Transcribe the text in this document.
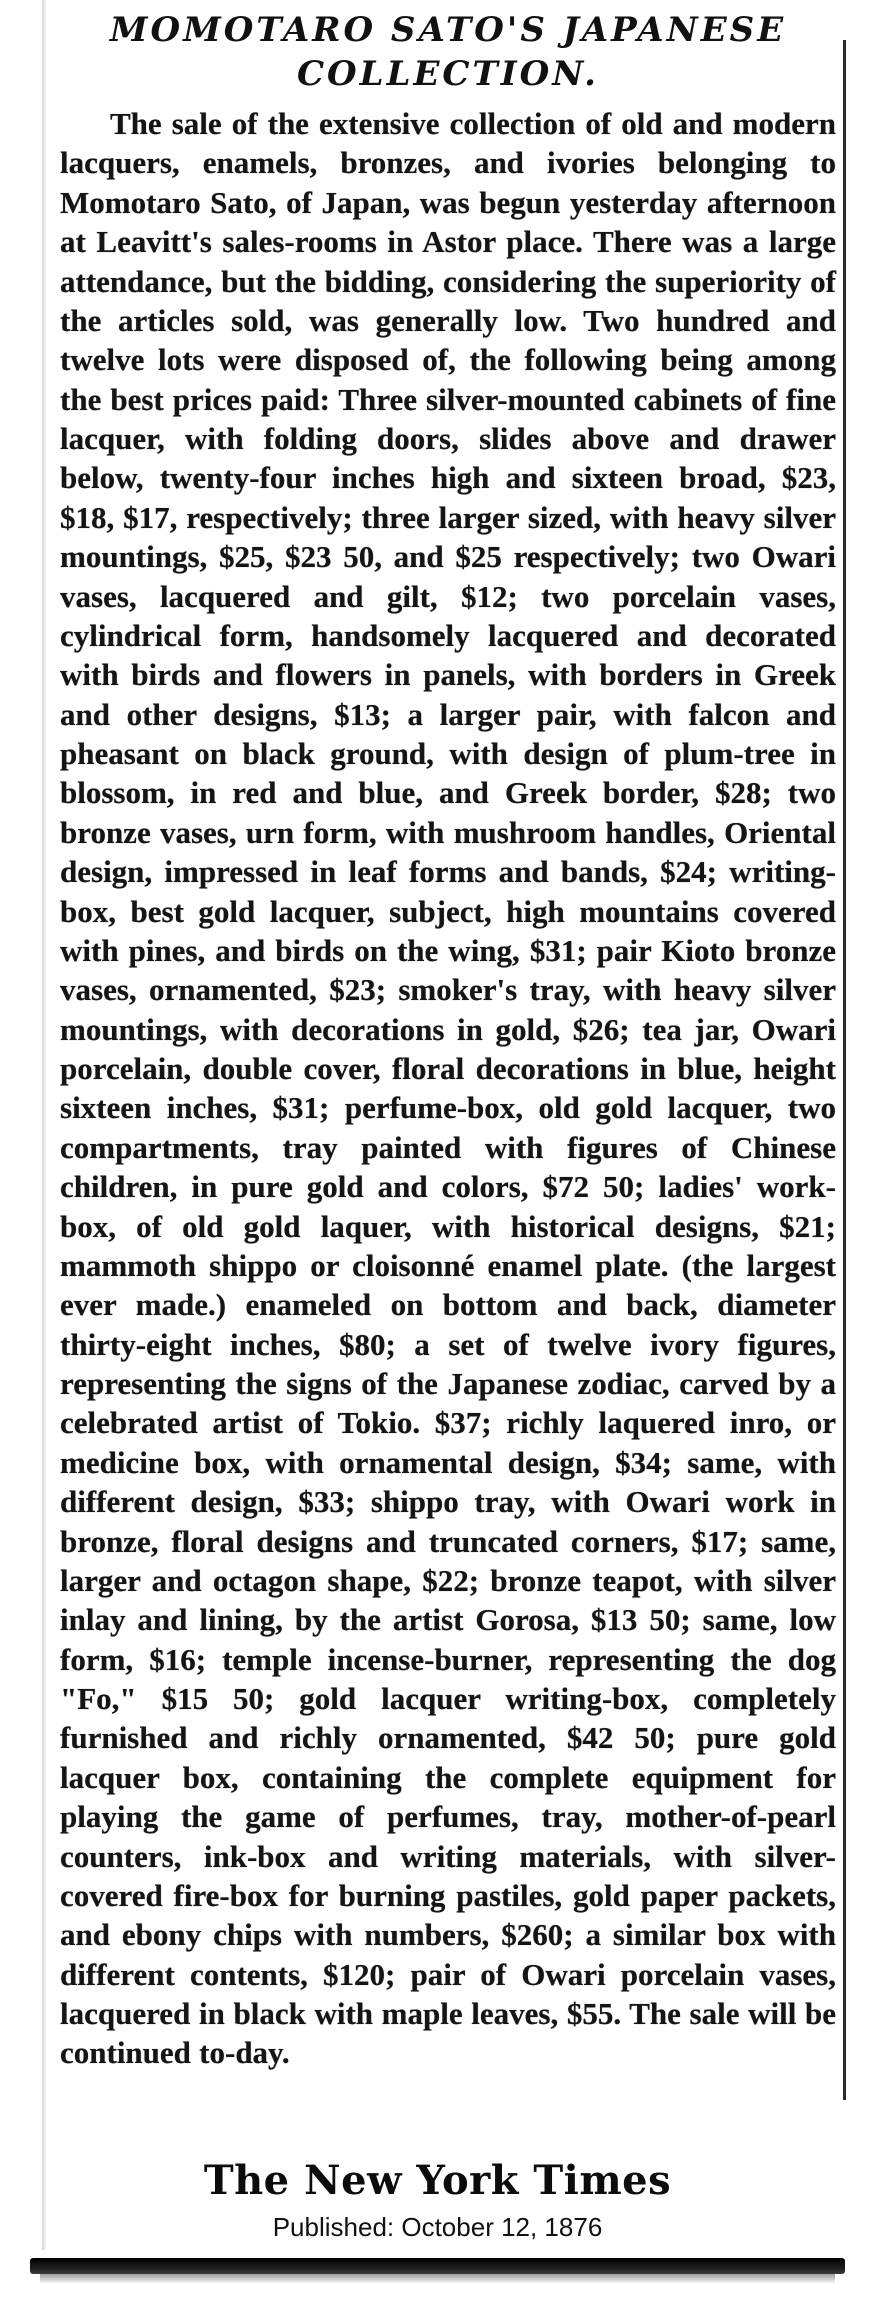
MOMOTARO SATO'S JAPANESE COLLECTION.

The sale of the extensive collection of old and modern lacquers, enamels, bronzes, and ivories belonging to Momotaro Sato, of Japan, was begun yesterday afternoon at Leavitt's sales-rooms in Astor place. There was a large attendance, but the bidding, considering the superiority of the articles sold, was generally low. Two hundred and twelve lots were disposed of, the following being among the best prices paid: Three silver-mounted cabinets of fine lacquer, with folding doors, slides above and drawer below, twenty-four inches high and sixteen broad, $23, $18, $17, respectively; three larger sized, with heavy silver mountings, $25, $23 50, and $25 respectively; two Owari vases, lacquered and gilt, $12; two porcelain vases, cylindrical form, handsomely lacquered and decorated with birds and flowers in panels, with borders in Greek and other designs, $13; a larger pair, with falcon and pheasant on black ground, with design of plum-tree in blossom, in red and blue, and Greek border, $28; two bronze vases, urn form, with mushroom handles, Oriental design, impressed in leaf forms and bands, $24; writing-box, best gold lacquer, subject, high mountains covered with pines, and birds on the wing, $31; pair Kioto bronze vases, ornamented, $23; smoker's tray, with heavy silver mountings, with decorations in gold, $26; tea jar, Owari porcelain, double cover, floral decorations in blue, height sixteen inches, $31; perfume-box, old gold lacquer, two compartments, tray painted with figures of Chinese children, in pure gold and colors, $72 50; ladies' work-box, of old gold laquer, with historical designs, $21; mammoth shippo or cloisonné enamel plate. (the largest ever made.) enameled on bottom and back, diameter thirty-eight inches, $80; a set of twelve ivory figures, representing the signs of the Japanese zodiac, carved by a celebrated artist of Tokio. $37; richly laquered inro, or medicine box, with ornamental design, $34; same, with different design, $33; shippo tray, with Owari work in bronze, floral designs and truncated corners, $17; same, larger and octagon shape, $22; bronze teapot, with silver inlay and lining, by the artist Gorosa, $13 50; same, low form, $16; temple incense-burner, representing the dog "Fo," $15 50; gold lacquer writing-box, completely furnished and richly ornamented, $42 50; pure gold lacquer box, containing the complete equipment for playing the game of perfumes, tray, mother-of-pearl counters, ink-box and writing materials, with silver-covered fire-box for burning pastiles, gold paper packets, and ebony chips with numbers, $260; a similar box with different contents, $120; pair of Owari porcelain vases, lacquered in black with maple leaves, $55. The sale will be continued to-day.

The New York Times
Published: October 12, 1876
